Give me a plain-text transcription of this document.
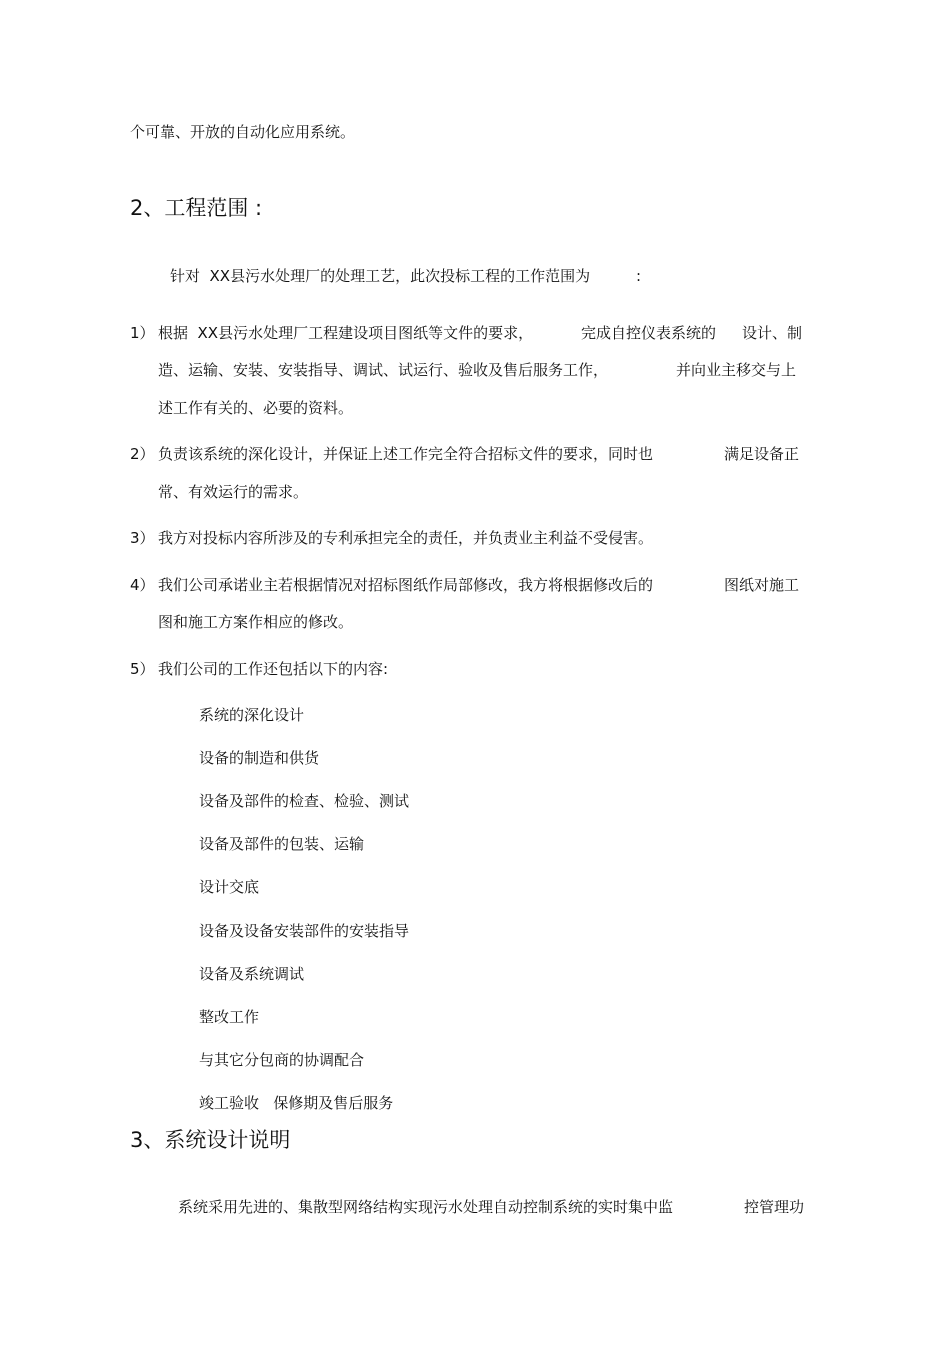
个可靠、开放的自动化应用系统。
2、工程范围 :
针对  XX县污水处理厂的处理工艺，此次投标工程的工作范围为	:
1） 根据  XX县污水处理厂工程建设项目图纸等文件的要求，	完成自控仪表系统的 设计、制
造、运输、安装、安装指导、调试、试运行、验收及售后服务工作，	并向业主移交与上
述工作有关的、必要的资料。
2） 负责该系统的深化设计，并保证上述工作完全符合招标文件的要求，同时也	满足设备正
常、有效运行的需求。
3） 我方对投标内容所涉及的专利承担完全的责任，并负责业主利益不受侵害。
4） 我们公司承诺业主若根据情况对招标图纸作局部修改，我方将根据修改后的	图纸对施工
图和施工方案作相应的修改。
5） 我们公司的工作还包括以下的内容:
系统的深化设计
设备的制造和供货
设备及部件的检查、检验、测试
设备及部件的包装、运输
设计交底
设备及设备安装部件的安装指导
设备及系统调试
整改工作
与其它分包商的协调配合
竣工验收   保修期及售后服务
3、系统设计说明
系统采用先进的、集散型网络结构实现污水处理自动控制系统的实时集中监	控管理功
